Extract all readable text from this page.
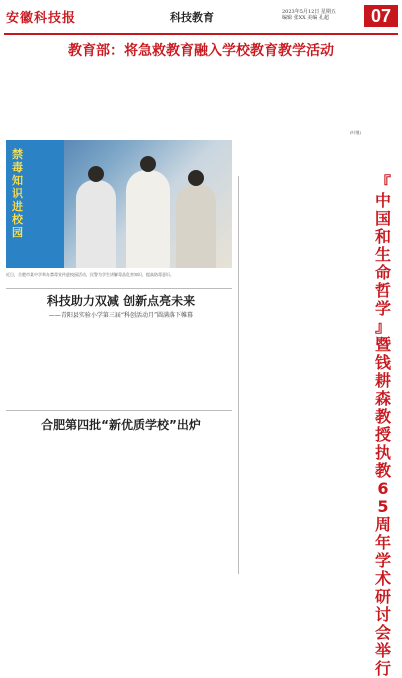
安徽科技报	科技教育	2023年5月12日 星期五
编辑 张XX 美编 孔超	07
教育部：将急救教育融入学校教育教学活动
(叶继)
禁毒知识进校园
近日，合肥市某中学举办禁毒宣传进校园活动，民警为学生讲解毒品危害知识，提高防毒意识。
科技助力双减 创新点亮未来
——青阳县实验小学第三届“科创活动月”圆满落下帷幕
合肥第四批“新优质学校”出炉
『
中
国
和
生
命
哲
学
』
暨
钱
耕
森
教
授
执
教
6
5
周
年
学
术
研
讨
会
举
行
